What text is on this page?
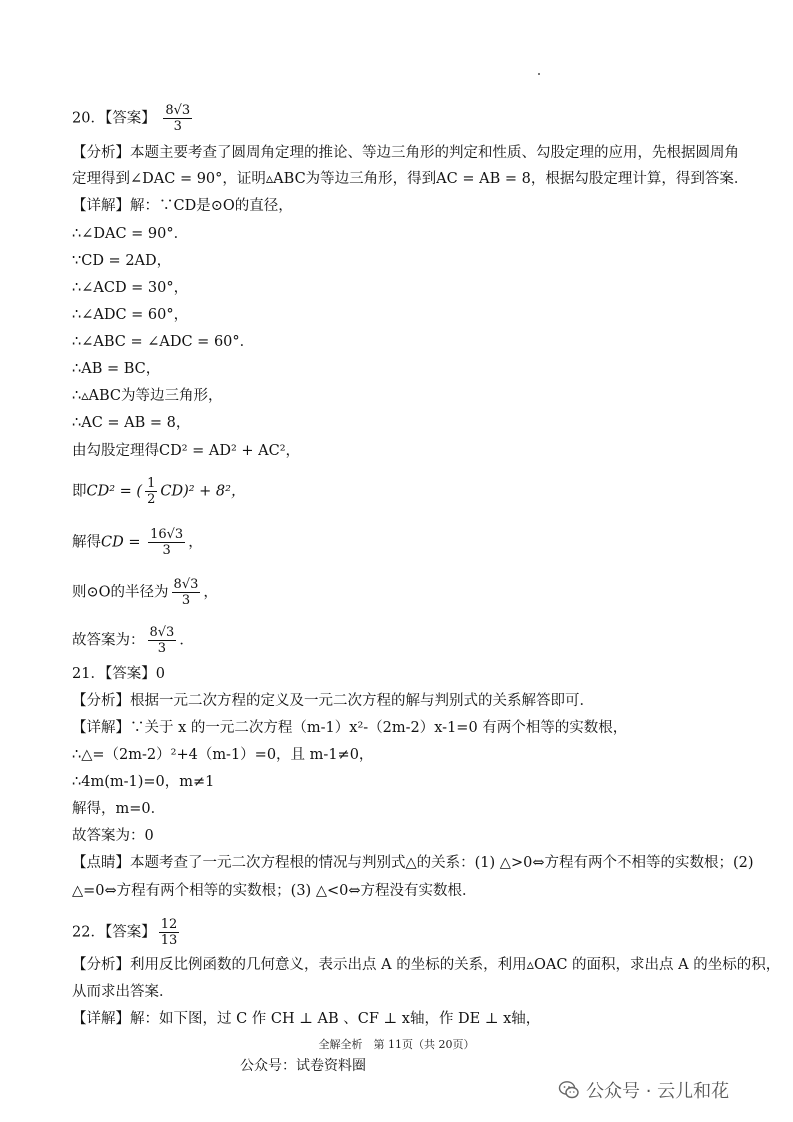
20．【答案】 $\frac{8√3}{3}$
【分析】本题主要考查了圆周角定理的推论、等边三角形的判定和性质、勾股定理的应用，先根据圆周角
定理得到∠DAC = 90°，证明▵ABC为等边三角形，得到AC = AB = 8，根据勾股定理计算，得到答案．
【详解】解：∵CD是⊙O的直径，
∴∠DAC = 90°．
∵CD = 2AD，
∴∠ACD = 30°，
∴∠ADC = 60°，
∴∠ABC = ∠ADC = 60°．
∴AB = BC，
∴▵ABC为等边三角形，
∴AC = AB = 8，
由勾股定理得CD² = AD² + AC²，
即CD² = ( $\frac{1}{2} CD)^2 + 8^2$，
解得CD = $\frac{16√3}{3}$ ，
则⊙O的半径为 $\frac{8√3}{3}$ ，
故答案为： $\frac{8√3}{3}$ ．
21．【答案】0
【分析】根据一元二次方程的定义及一元二次方程的解与判别式的关系解答即可．
【详解】∵关于 x 的一元二次方程（m-1）x²-（2m-2）x-1=0 有两个相等的实数根，
∴△=（2m-2）²+4（m-1）=0，且 m-1≠0，
∴4m(m-1)=0，m≠1
解得，m=0．
故答案为：0
【点睛】本题考查了一元二次方程根的情况与判别式△的关系：(1) △>0⇔方程有两个不相等的实数根；(2)
△=0⇔方程有两个相等的实数根；(3) △<0⇔方程没有实数根．
22．【答案】 $\frac{12}{13}$
【分析】利用反比例函数的几何意义，表示出点 A 的坐标的关系，利用▵OAC 的面积，求出点 A 的坐标的积，
从而求出答案．
【详解】解：如下图，过 C 作 CH ⊥ AB 、CF ⊥ x轴，作 DE ⊥ x轴，
全解全析　第 11页（共 20页）
公众号：试卷资料圈
公众号 · 云儿和花
